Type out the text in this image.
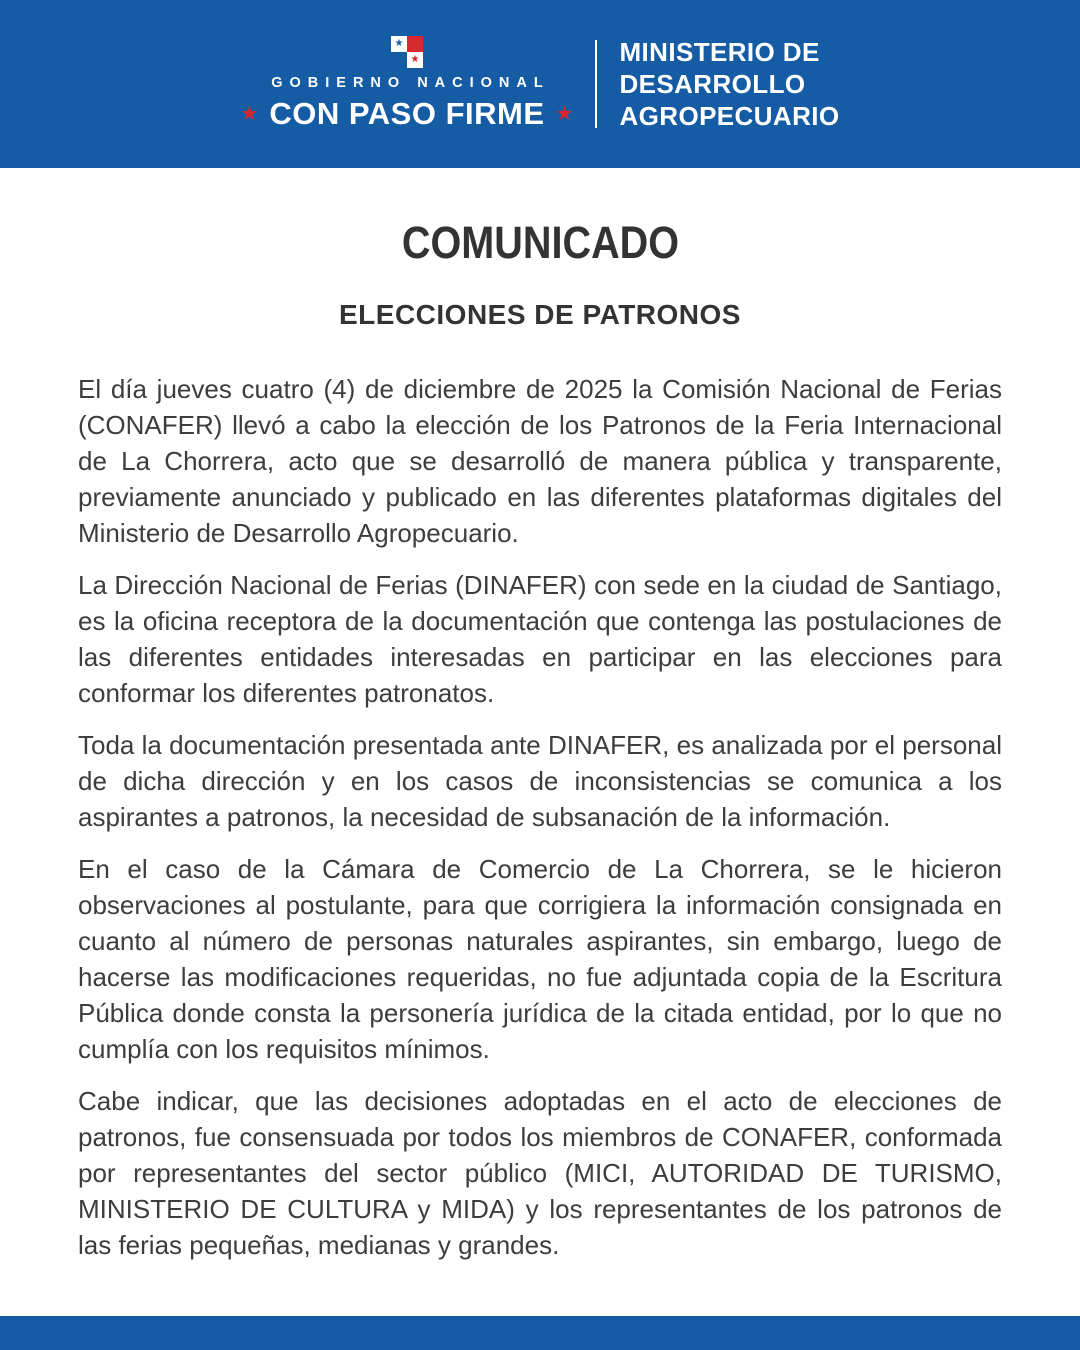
★
★
GOBIERNO NACIONAL
★ CON PASO FIRME ★
MINISTERIO DE
DESARROLLO
AGROPECUARIO
COMUNICADO
ELECCIONES DE PATRONOS

El día jueves cuatro (4) de diciembre de 2025 la Comisión Nacional de Ferias (CONAFER) llevó a cabo la elección de los Patronos de la Feria Internacional de La Chorrera, acto que se desarrolló de manera pública y transparente, previamente anunciado y publicado en las diferentes plataformas digitales del Ministerio de Desarrollo Agropecuario.

La Dirección Nacional de Ferias (DINAFER) con sede en la ciudad de Santiago, es la oficina receptora de la documentación que contenga las postulaciones de las diferentes entidades interesadas en participar en las elecciones para conformar los diferentes patronatos.

Toda la documentación presentada ante DINAFER, es analizada por el personal de dicha dirección y en los casos de inconsistencias se comunica a los aspirantes a patronos, la necesidad de subsanación de la información.

En el caso de la Cámara de Comercio de La Chorrera, se le hicieron observaciones al postulante, para que corrigiera la información consignada en cuanto al número de personas naturales aspirantes, sin embargo, luego de hacerse las modificaciones requeridas, no fue adjuntada copia de la Escritura Pública donde consta la personería jurídica de la citada entidad, por lo que no cumplía con los requisitos mínimos.

Cabe indicar, que las decisiones adoptadas en el acto de elecciones de patronos, fue consensuada por todos los miembros de CONAFER, conformada por representantes del sector público (MICI, AUTORIDAD DE TURISMO, MINISTERIO DE CULTURA y MIDA) y los representantes de los patronos de las ferias pequeñas, medianas y grandes.
